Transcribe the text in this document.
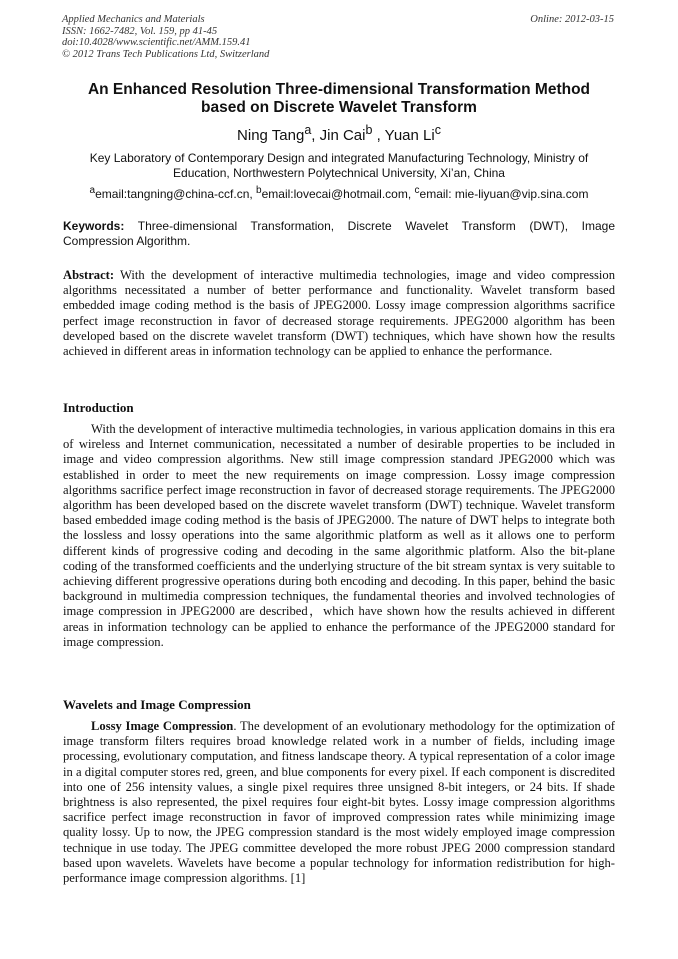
Applied Mechanics and Materials
ISSN: 1662-7482, Vol. 159, pp 41-45
doi:10.4028/www.scientific.net/AMM.159.41
© 2012 Trans Tech Publications Ltd, Switzerland
Online: 2012-03-15
An Enhanced Resolution Three-dimensional Transformation Method
based on Discrete Wavelet Transform
Ning Tang$^a$, Jin Cai$^b$ , Yuan Li$^c$
Key Laboratory of Contemporary Design and integrated Manufacturing Technology, Ministry of
Education, Northwestern Polytechnical University, Xi’an, China
$^a$email:tangning@china-ccf.cn, $^b$email:lovecai@hotmail.com, $^c$email: mie-liyuan@vip.sina.com
Keywords: Three-dimensional Transformation, Discrete Wavelet Transform (DWT), Image Compression Algorithm.
Abstract: With the development of interactive multimedia technologies, image and video compression algorithms necessitated a number of better performance and functionality. Wavelet transform based embedded image coding method is the basis of JPEG2000. Lossy image compression algorithms sacrifice perfect image reconstruction in favor of decreased storage requirements. JPEG2000 algorithm has been developed based on the discrete wavelet transform (DWT) techniques, which have shown how the results achieved in different areas in information technology can be applied to enhance the performance.
Introduction
With the development of interactive multimedia technologies, in various application domains in this era of wireless and Internet communication, necessitated a number of desirable properties to be included in image and video compression algorithms. New still image compression standard JPEG2000 which was established in order to meet the new requirements on image compression. Lossy image compression algorithms sacrifice perfect image reconstruction in favor of decreased storage requirements. The JPEG2000 algorithm has been developed based on the discrete wavelet transform (DWT) technique. Wavelet transform based embedded image coding method is the basis of JPEG2000. The nature of DWT helps to integrate both the lossless and lossy operations into the same algorithmic platform as well as it allows one to perform different kinds of progressive coding and decoding in the same algorithmic platform. Also the bit-plane coding of the transformed coefficients and the underlying structure of the bit stream syntax is very suitable to achieving different progressive operations during both encoding and decoding. In this paper, behind the basic background in multimedia compression techniques, the fundamental theories and involved technologies of image compression in JPEG2000 are described，which have shown how the results achieved in different areas in information technology can be applied to enhance the performance of the JPEG2000 standard for image compression.
Wavelets and Image Compression
Lossy Image Compression. The development of an evolutionary methodology for the optimization of image transform filters requires broad knowledge related work in a number of fields, including image processing, evolutionary computation, and fitness landscape theory. A typical representation of a color image in a digital computer stores red, green, and blue components for every pixel. If each component is discredited into one of 256 intensity values, a single pixel requires three unsigned 8-bit integers, or 24 bits. If shade brightness is also represented, the pixel requires four eight-bit bytes. Lossy image compression algorithms sacrifice perfect image reconstruction in favor of improved compression rates while minimizing image quality lossy. Up to now, the JPEG compression standard is the most widely employed image compression technique in use today. The JPEG committee developed the more robust JPEG 2000 compression standard based upon wavelets. Wavelets have become a popular technology for information redistribution for high-performance image compression algorithms. [1]
